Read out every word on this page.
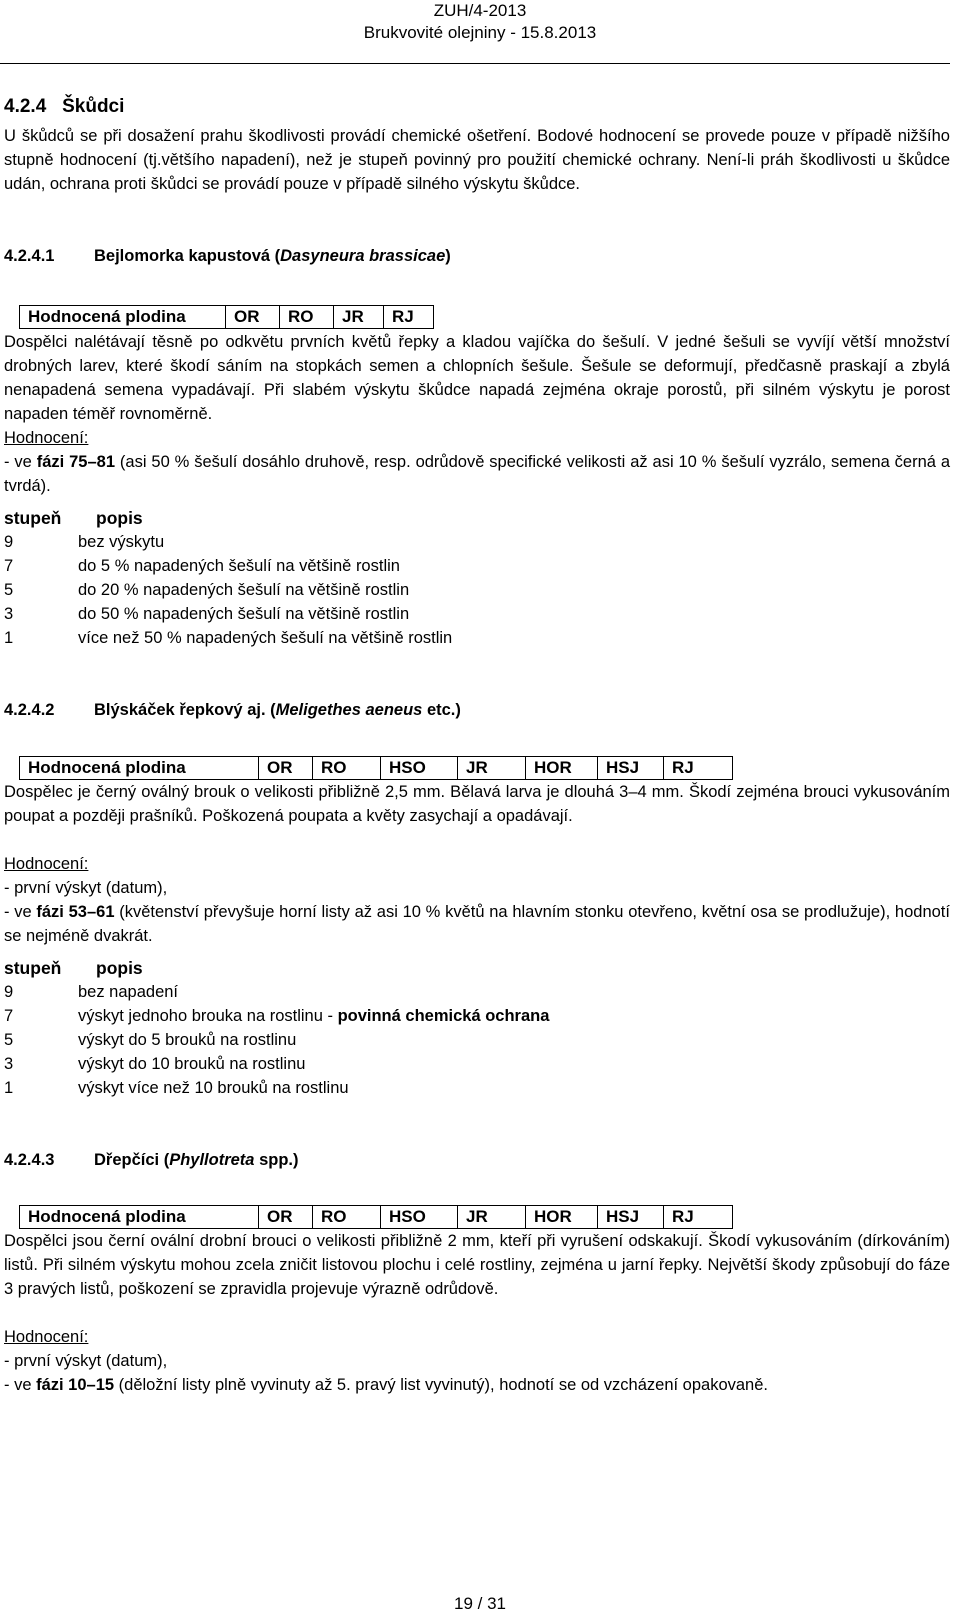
ZUH/4-2013
Brukvovité olejniny - 15.8.2013
4.2.4 Škůdci
U škůdců se při dosažení prahu škodlivosti provádí chemické ošetření. Bodové hodnocení se provede pouze v případě nižšího stupně hodnocení (tj.většího napadení), než je stupeň povinný pro použití chemické ochrany. Není-li práh škodlivosti u škůdce udán, ochrana proti škůdci se provádí pouze v případě silného výskytu škůdce.
4.2.4.1 Bejlomorka kapustová (Dasyneura brassicae)
Hodnocená plodina	OR	RO	JR	RJ
Dospělci nalétávají těsně po odkvětu prvních květů řepky a kladou vajíčka do šešulí. V jedné šešuli se vyvíjí větší množství drobných larev, které škodí sáním na stopkách semen a chlopních šešule. Šešule se deformují, předčasně praskají a zbylá nenapadená semena vypadávají. Při slabém výskytu škůdce napadá zejména okraje porostů, při silném výskytu je porost napaden téměř rovnoměrně.
Hodnocení:
- ve fázi 75–81 (asi 50 % šešulí dosáhlo druhově, resp. odrůdově specifické velikosti až asi 10 % šešulí vyzrálo, semena černá a tvrdá).
stupeň popis
9	bez výskytu
7	do 5 % napadených šešulí na většině rostlin
5	do 20 % napadených šešulí na většině rostlin
3	do 50 % napadených šešulí na většině rostlin
1	více než 50 % napadených šešulí na většině rostlin
4.2.4.2 Blýskáček řepkový aj. (Meligethes aeneus etc.)
Hodnocená plodina	OR	RO	HSO	JR	HOR	HSJ	RJ
Dospělec je černý oválný brouk o velikosti přibližně 2,5 mm. Bělavá larva je dlouhá 3–4 mm. Škodí zejména brouci vykusováním poupat a později prašníků. Poškozená poupata a květy zasychají a opadávají.
Hodnocení:
- první výskyt (datum),
- ve fázi 53–61 (květenství převyšuje horní listy až asi 10 % květů na hlavním stonku otevřeno, květní osa se prodlužuje), hodnotí se nejméně dvakrát.
stupeň popis
9	bez napadení
7	výskyt jednoho brouka na rostlinu - povinná chemická ochrana
5	výskyt do 5 brouků na rostlinu
3	výskyt do 10 brouků na rostlinu
1	výskyt více než 10 brouků na rostlinu
4.2.4.3 Dřepčíci (Phyllotreta spp.)
Hodnocená plodina	OR	RO	HSO	JR	HOR	HSJ	RJ
Dospělci jsou černí ovální drobní brouci o velikosti přibližně 2 mm, kteří při vyrušení odskakují. Škodí vykusováním (dírkováním) listů. Při silném výskytu mohou zcela zničit listovou plochu i celé rostliny, zejména u jarní řepky. Největší škody způsobují do fáze 3 pravých listů, poškození se zpravidla projevuje výrazně odrůdově.
Hodnocení:
- první výskyt (datum),
- ve fázi 10–15 (děložní listy plně vyvinuty až 5. pravý list vyvinutý), hodnotí se od vzcházení opakovaně.
19 / 31
